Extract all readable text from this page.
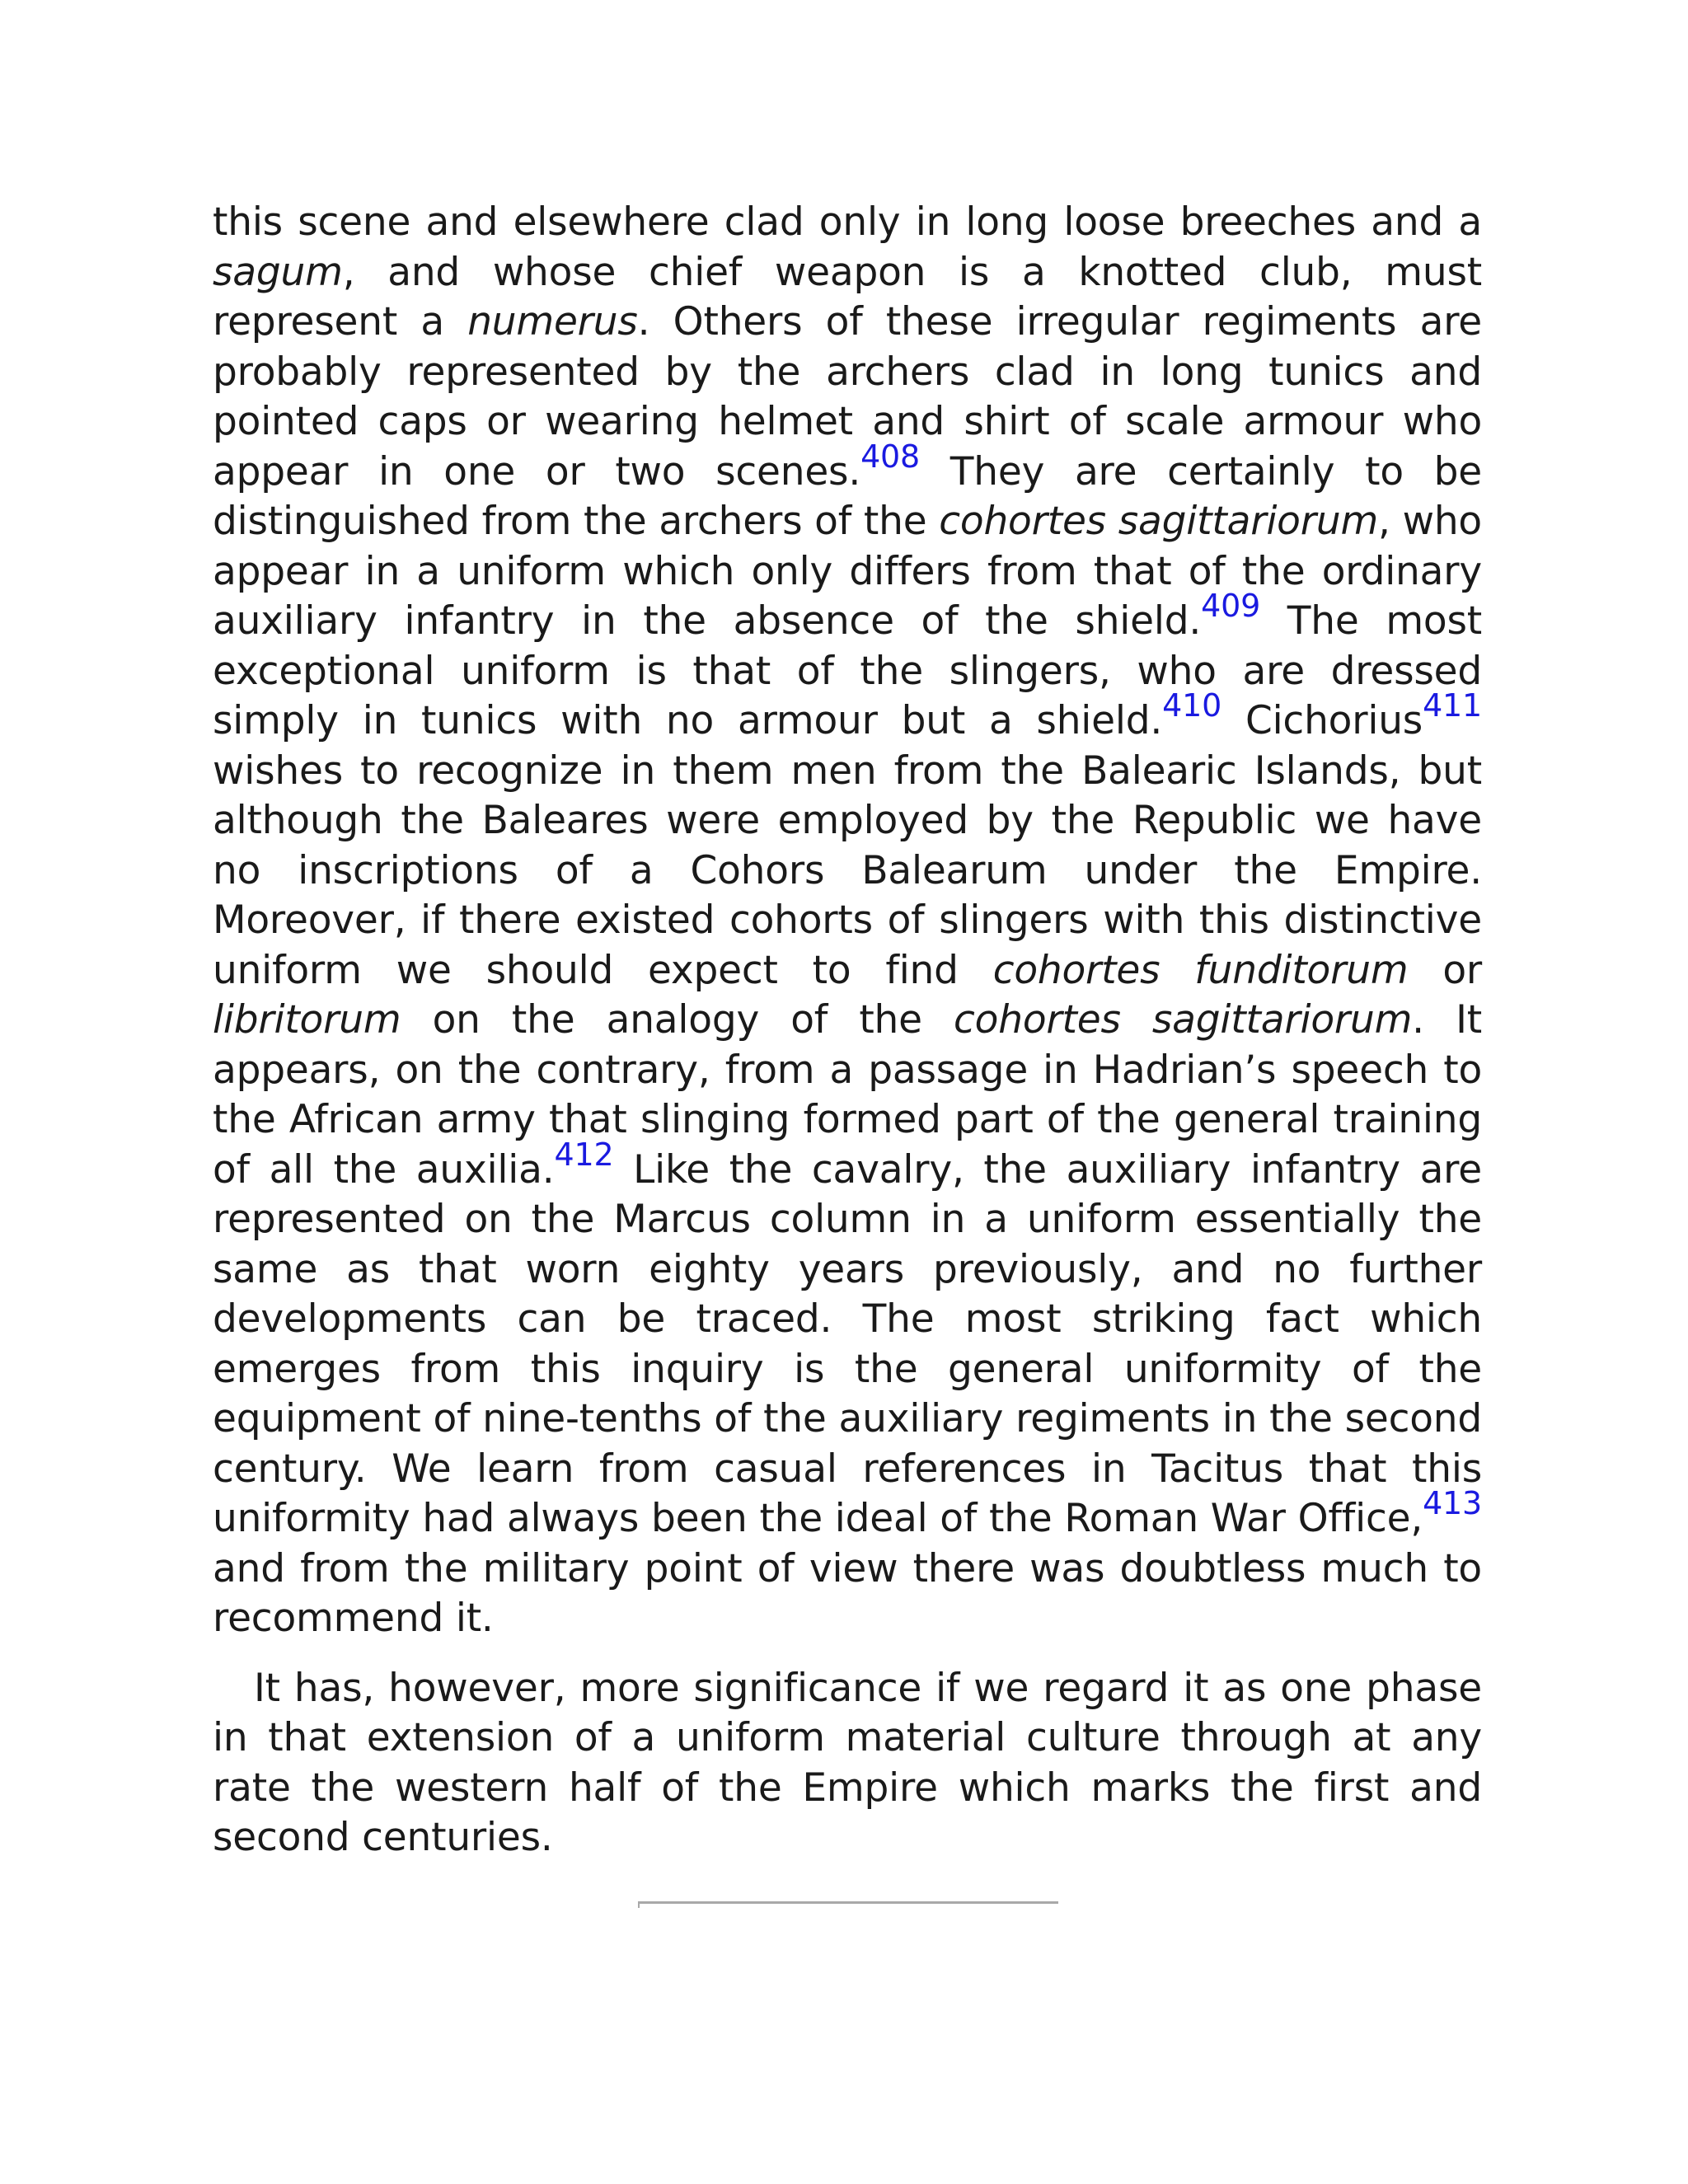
this scene and elsewhere clad only in long loose breeches and a sagum, and whose chief weapon is a knotted club, must represent a numerus. Others of these irregular regiments are probably represented by the archers clad in long tunics and pointed caps or wearing helmet and shirt of scale armour who appear in one or two scenes.$^{408}$ They are certainly to be distinguished from the archers of the cohortes sagittariorum, who appear in a uniform which only differs from that of the ordinary auxiliary infantry in the absence of the shield.$^{409}$ The most exceptional uniform is that of the slingers, who are dressed simply in tunics with no armour but a shield.$^{410}$ Cichorius$^{411}$ wishes to recognize in them men from the Balearic Islands, but although the Baleares were employed by the Republic we have no inscriptions of a Cohors Balearum under the Empire. Moreover, if there existed cohorts of slingers with this distinctive uniform we should expect to find cohortes funditorum or libritorum on the analogy of the cohortes sagittariorum. It appears, on the contrary, from a passage in Hadrian’s speech to the African army that slinging formed part of the general training of all the auxilia.$^{412}$ Like the cavalry, the auxiliary infantry are represented on the Marcus column in a uniform essentially the same as that worn eighty years previously, and no further developments can be traced. The most striking fact which emerges from this inquiry is the general uniformity of the equipment of nine-tenths of the auxiliary regiments in the second century. We learn from casual references in Tacitus that this uniformity had always been the ideal of the Roman War Office,$^{413}$ and from the military point of view there was doubtless much to recommend it.

It has, however, more significance if we regard it as one phase in that extension of a uniform material culture through at any rate the western half of the Empire which marks the first and second centuries.
